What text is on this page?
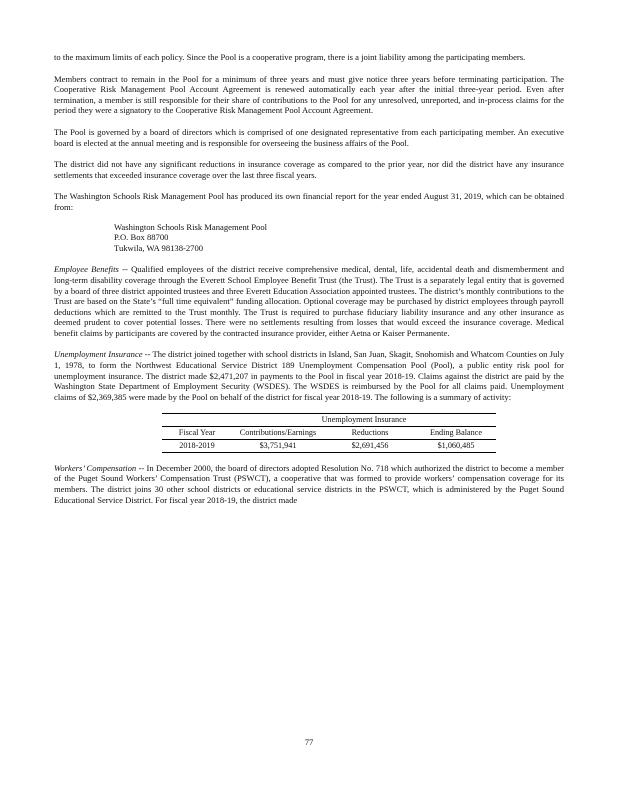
to the maximum limits of each policy. Since the Pool is a cooperative program, there is a joint liability among the participating members.

Members contract to remain in the Pool for a minimum of three years and must give notice three years before terminating participation. The Cooperative Risk Management Pool Account Agreement is renewed automatically each year after the initial three-year period. Even after termination, a member is still responsible for their share of contributions to the Pool for any unresolved, unreported, and in-process claims for the period they were a signatory to the Cooperative Risk Management Pool Account Agreement.

The Pool is governed by a board of directors which is comprised of one designated representative from each participating member. An executive board is elected at the annual meeting and is responsible for overseeing the business affairs of the Pool.

The district did not have any significant reductions in insurance coverage as compared to the prior year, nor did the district have any insurance settlements that exceeded insurance coverage over the last three fiscal years.

The Washington Schools Risk Management Pool has produced its own financial report for the year ended August 31, 2019, which can be obtained from:

Washington Schools Risk Management Pool
P.O. Box 88700
Tukwila, WA 98138-2700

Employee Benefits -- Qualified employees of the district receive comprehensive medical, dental, life, accidental death and dismemberment and long-term disability coverage through the Everett School Employee Benefit Trust (the Trust). The Trust is a separately legal entity that is governed by a board of three district appointed trustees and three Everett Education Association appointed trustees. The district’s monthly contributions to the Trust are based on the State’s “full time equivalent” funding allocation. Optional coverage may be purchased by district employees through payroll deductions which are remitted to the Trust monthly. The Trust is required to purchase fiduciary liability insurance and any other insurance as deemed prudent to cover potential losses. There were no settlements resulting from losses that would exceed the insurance coverage. Medical benefit claims by participants are covered by the contracted insurance provider, either Aetna or Kaiser Permanente.

Unemployment Insurance -- The district joined together with school districts in Island, San Juan, Skagit, Snohomish and Whatcom Counties on July 1, 1978, to form the Northwest Educational Service District 189 Unemployment Compensation Pool (Pool), a public entity risk pool for unemployment insurance. The district made $2,471,207 in payments to the Pool in fiscal year 2018-19. Claims against the district are paid by the Washington State Department of Employment Security (WSDES). The WSDES is reimbursed by the Pool for all claims paid. Unemployment claims of $2,369,385 were made by the Pool on behalf of the district for fiscal year 2018-19. The following is a summary of activity:

	Unemployment Insurance		
Fiscal Year	Contributions/Earnings	Reductions	Ending Balance
2018-2019	$3,751,941	$2,691,456	$1,060,485

Workers’ Compensation -- In December 2000, the board of directors adopted Resolution No. 718 which authorized the district to become a member of the Puget Sound Workers’ Compensation Trust (PSWCT), a cooperative that was formed to provide workers’ compensation coverage for its members. The district joins 30 other school districts or educational service districts in the PSWCT, which is administered by the Puget Sound Educational Service District. For fiscal year 2018-19, the district made

77
